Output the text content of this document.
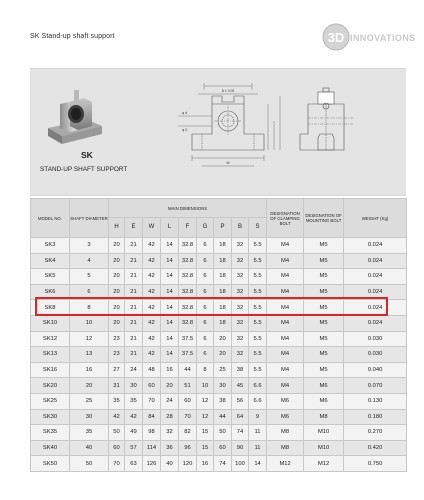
SK Stand-up shaft support	3D INNOVATIONS
SK
STAND-UP SHAFT SUPPORT
B ± 0.05
φ d
φ S
W
MODEL NO.	SHAFT DIAMETER	MAIN DIMENSIONS									DESIGNATION OF CLAMPING BOLT	DESIGNATION OF MOUNTING BOLT	WEIGHT (Kg)
		H	E	W	L	F	G	P	B	S			
SK3	3	20	21	42	14	32.8	6	18	32	5.5	M4	M5	0.024
SK4	4	20	21	42	14	32.8	6	18	32	5.5	M4	M5	0.024
SK5	5	20	21	42	14	32.8	6	18	32	5.5	M4	M5	0.024
SK6	6	20	21	42	14	32.8	6	18	32	5.5	M4	M5	0.024
SK8	8	20	21	42	14	32.8	6	18	32	5.5	M4	M5	0.024
SK10	10	20	21	42	14	32.8	6	18	32	5.5	M4	M5	0.024
SK12	12	23	21	42	14	37.5	6	20	32	5.5	M4	M5	0.030
SK13	13	23	21	42	14	37.5	6	20	32	5.5	M4	M5	0.030
SK16	16	27	24	48	16	44	8	25	38	5.5	M4	M5	0.040
SK20	20	31	30	60	20	51	10	30	45	6.6	M4	M6	0.070
SK25	25	35	35	70	24	60	12	38	56	6.6	M6	M6	0.130
SK30	30	42	42	84	28	70	12	44	64	9	M6	M8	0.180
SK35	35	50	49	98	32	82	15	50	74	11	M8	M10	0.270
SK40	40	60	57	114	36	96	15	60	90	11	M8	M10	0.420
SK50	50	70	63	126	40	120	16	74	100	14	M12	M12	0.750
